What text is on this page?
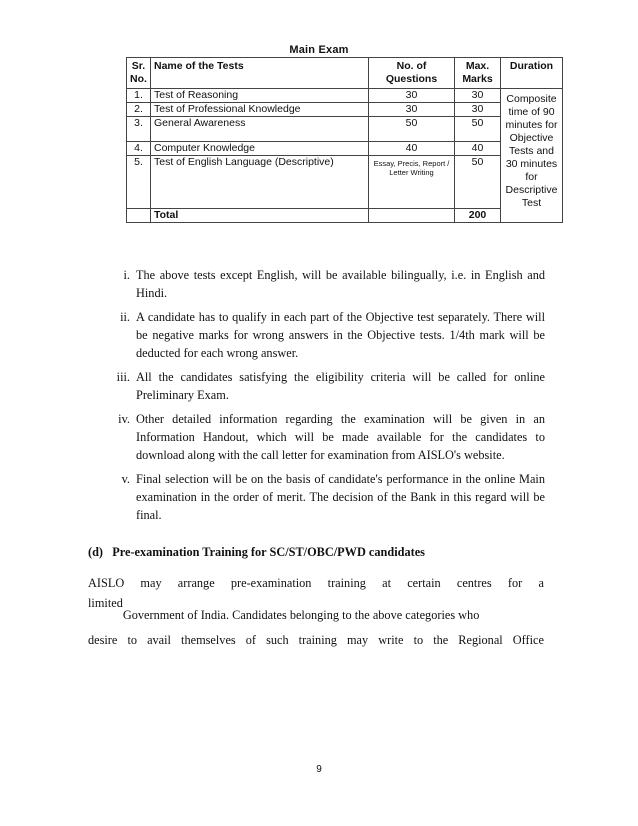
Main Exam
Sr. No.	Name of the Tests	No. of Questions	Max. Marks	Duration
1.	Test of Reasoning	30	30	Composite time of 90 minutes for Objective Tests and 30 minutes for Descriptive Test

2.	Test of Professional Knowledge	30	30	
3.	General Awareness	50	50	
4.	Computer Knowledge	40	40	
5.	Test of English Language (Descriptive)	Essay, Precis, Report / Letter Writing	50	
	Total		200	
i. The above tests except English, will be available bilingually, i.e. in English and Hindi.
ii. A candidate has to qualify in each part of the Objective test separately. There will be negative marks for wrong answers in the Objective tests. 1/4th mark will be deducted for each wrong answer.
iii. All the candidates satisfying the eligibility criteria will be called for online Preliminary Exam.
iv. Other detailed information regarding the examination will be given in an Information Handout, which will be made available for the candidates to download along with the call letter for examination from AISLO's website.
v. Final selection will be on the basis of candidate's performance in the online Main examination in the order of merit. The decision of the Bank in this regard will be final.
(d)   Pre-examination Training for SC/ST/OBC/PWD candidates
AISLO may arrange pre-examination training at certain centres for a
limitedGovernment of India. Candidates belonging to the above categories who
desire to avail themselves of such training may write to the Regional Office
9
